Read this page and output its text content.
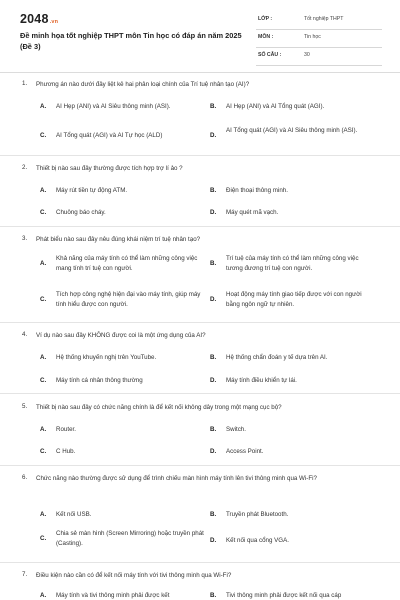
2048.vn
Đề minh họa tốt nghiệp THPT môn Tin học có đáp án năm 2025 (Đề 3)
LỚP :	Tốt nghiệp THPT
MÔN :	Tin học
SỐ CÂU :	30
1. Phương án nào dưới đây liệt kê hai phân loại chính của Trí tuệ nhân tạo (AI)?
A. AI Hẹp (ANI) và AI Siêu thông minh (ASI).	B. AI Hẹp (ANI) và AI Tổng quát (AGI).
C. AI Tổng quát (AGI) và AI Tự học (ALD)	D.
AI Tổng quát (AGI) và AI Siêu thông minh (ASI).
2. Thiết bị nào sau đây thường được tích hợp trợ lí ảo ?
A. Máy rút tiền tự động ATM.	B. Điện thoại thông minh.
C. Chuông báo cháy.	D. Máy quét mã vạch.
3. Phát biểu nào sau đây nêu đúng khái niệm trí tuệ nhân tạo?
A.
Khả năng của máy tính có thể làm những công việc mang tính trí tuệ con người.
B.
Trí tuệ của máy tính có thể làm những công việc tương đương trí tuệ con người.
C.
Tích hợp công nghệ hiện đại vào máy tính, giúp máy tính hiểu được con người.
D.
Hoạt động máy tính giao tiếp được với con người bằng ngôn ngữ tự nhiên.
4. Ví dụ nào sau đây KHÔNG được coi là một ứng dụng của AI?
A. Hệ thống khuyến nghị trên YouTube.	B. Hệ thống chẩn đoán y tế dựa trên AI.
C. Máy tính cá nhân thông thường	D. Máy tính điều khiển tự lái.
5. Thiết bị nào sau đây có chức năng chính là để kết nối không dây trong một mạng cục bộ?
A. Router.	B. Switch.
C. C Hub.	D. Access Point.
6. Chức năng nào thường được sử dụng để trình chiếu màn hình máy tính lên tivi thông minh qua Wi-Fi?
A. Kết nối USB.	B. Truyền phát Bluetooth.
C.
Chia sẻ màn hình (Screen Mirroring) hoặc truyền phát (Casting).	D. Kết nối qua cổng VGA.
7. Điều kiện nào cần có để kết nối máy tính với tivi thông minh qua Wi-Fi?
A. Máy tính và tivi thông minh phải được kết	B. Tivi thông minh phải được kết nối qua cáp
